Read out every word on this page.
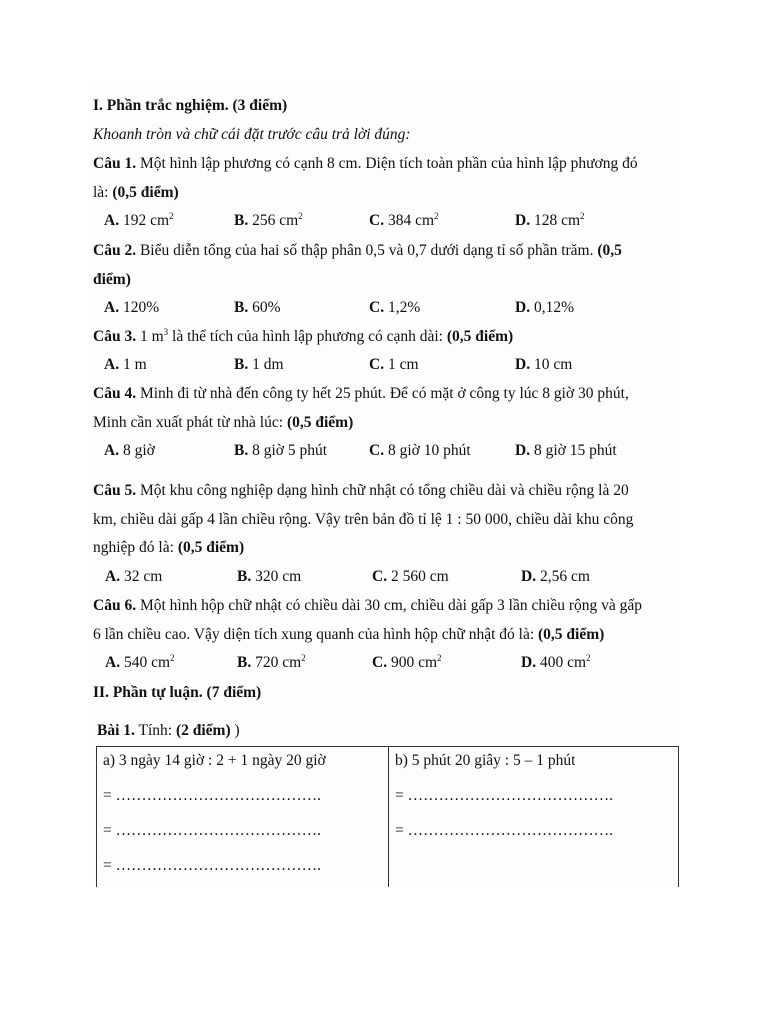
I. Phần trắc nghiệm. (3 điểm)
Khoanh tròn và chữ cái đặt trước câu trả lời đúng:
Câu 1. Một hình lập phương có cạnh 8 cm. Diện tích toàn phần của hình lập phương đó
là: (0,5 điểm)
A. 192 $cm^2$	B. 256 $cm^2$	C. 384 $cm^2$	D. 128 $cm^2$
Câu 2. Biểu diễn tổng của hai số thập phân 0,5 và 0,7 dưới dạng tỉ số phần trăm. (0,5
điểm)
A. 120%	B. 60%	C. 1,2%	D. 0,12%
Câu 3. 1 $m^3$ là thể tích của hình lập phương có cạnh dài: (0,5 điểm)
A. 1 m	B. 1 dm	C. 1 cm	D. 10 cm
Câu 4. Minh đi từ nhà đến công ty hết 25 phút. Để có mặt ở công ty lúc 8 giờ 30 phút,
Minh cần xuất phát từ nhà lúc: (0,5 điểm)
A. 8 giờ	B. 8 giờ 5 phút	C. 8 giờ 10 phút	D. 8 giờ 15 phút
Câu 5. Một khu công nghiệp dạng hình chữ nhật có tổng chiều dài và chiều rộng là 20
km, chiều dài gấp 4 lần chiều rộng. Vậy trên bản đồ tỉ lệ 1 : 50 000, chiều dài khu công
nghiệp đó là: (0,5 điểm)
A. 32 cm	B. 320 cm	C. 2 560 cm	D. 2,56 cm
Câu 6. Một hình hộp chữ nhật có chiều dài 30 cm, chiều dài gấp 3 lần chiều rộng và gấp
6 lần chiều cao. Vậy diện tích xung quanh của hình hộp chữ nhật đó là: (0,5 điểm)
A. 540 $cm^2$	B. 720 $cm^2$	C. 900 $cm^2$	D. 400 $cm^2$
II. Phần tự luận. (7 điểm)
Bài 1. Tính: (2 điểm) )
a) 3 ngày 14 giờ : 2 + 1 ngày 20 giờ
= ………………………………….
= ………………………………….
= ………………………………….

b) 5 phút 20 giây : 5 – 1 phút
= ………………………………….
= ………………………………….
